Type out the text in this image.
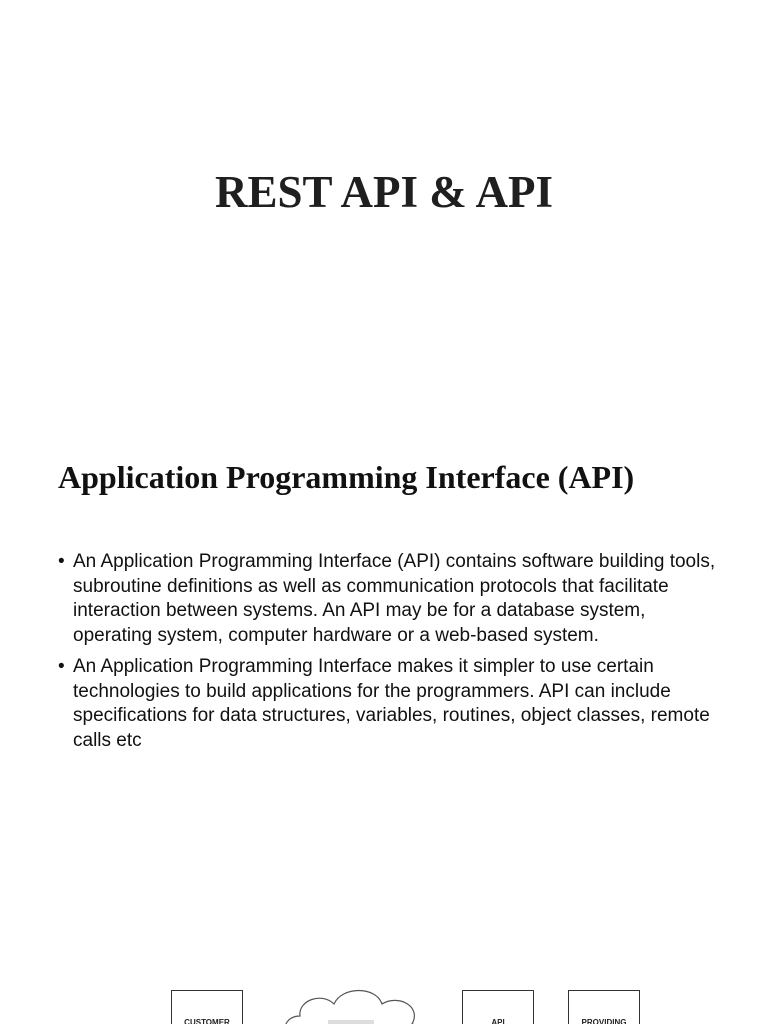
REST API & API
Application Programming Interface (API)
• An Application Programming Interface (API) contains software building tools, subroutine definitions as well as communication protocols that facilitate interaction between systems. An API may be for a database system, operating system, computer hardware or a web-based system.
• An Application Programming Interface makes it simpler to use certain technologies to build applications for the programmers. API can include specifications for data structures, variables, routines, object classes, remote calls etc
CUSTOMER	API	PROVIDING
